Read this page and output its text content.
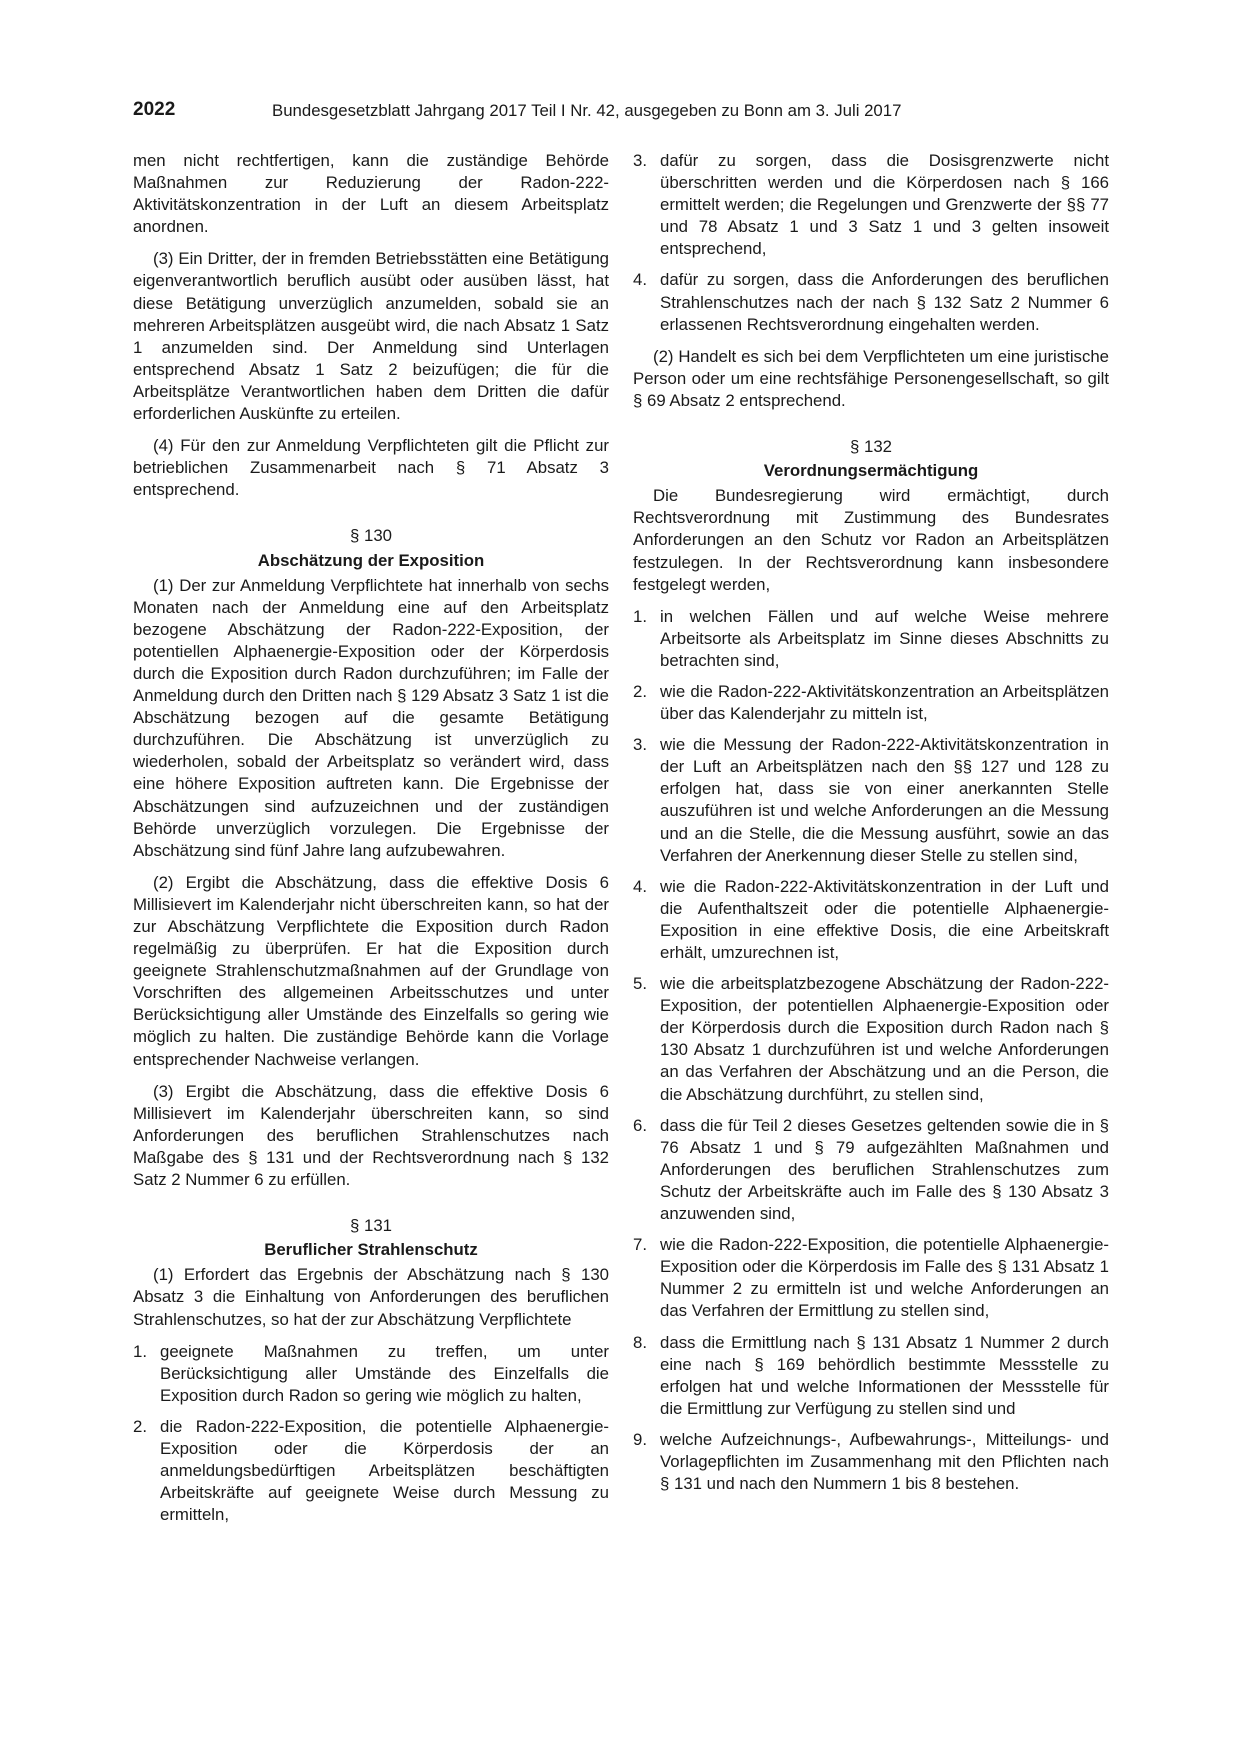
2022	Bundesgesetzblatt Jahrgang 2017 Teil I Nr. 42, ausgegeben zu Bonn am 3. Juli 2017

men nicht rechtfertigen, kann die zuständige Behörde Maßnahmen zur Reduzierung der Radon-222-Aktivitätskonzentration in der Luft an diesem Arbeitsplatz anordnen.

(3) Ein Dritter, der in fremden Betriebsstätten eine Betätigung eigenverantwortlich beruflich ausübt oder ausüben lässt, hat diese Betätigung unverzüglich anzumelden, sobald sie an mehreren Arbeitsplätzen ausgeübt wird, die nach Absatz 1 Satz 1 anzumelden sind. Der Anmeldung sind Unterlagen entsprechend Absatz 1 Satz 2 beizufügen; die für die Arbeitsplätze Verantwortlichen haben dem Dritten die dafür erforderlichen Auskünfte zu erteilen.

(4) Für den zur Anmeldung Verpflichteten gilt die Pflicht zur betrieblichen Zusammenarbeit nach § 71 Absatz 3 entsprechend.

§ 130
Abschätzung der Exposition

(1) Der zur Anmeldung Verpflichtete hat innerhalb von sechs Monaten nach der Anmeldung eine auf den Arbeitsplatz bezogene Abschätzung der Radon-222-Exposition, der potentiellen Alphaenergie-Exposition oder der Körperdosis durch die Exposition durch Radon durchzuführen; im Falle der Anmeldung durch den Dritten nach § 129 Absatz 3 Satz 1 ist die Abschätzung bezogen auf die gesamte Betätigung durchzuführen. Die Abschätzung ist unverzüglich zu wiederholen, sobald der Arbeitsplatz so verändert wird, dass eine höhere Exposition auftreten kann. Die Ergebnisse der Abschätzungen sind aufzuzeichnen und der zuständigen Behörde unverzüglich vorzulegen. Die Ergebnisse der Abschätzung sind fünf Jahre lang aufzubewahren.

(2) Ergibt die Abschätzung, dass die effektive Dosis 6 Millisievert im Kalenderjahr nicht überschreiten kann, so hat der zur Abschätzung Verpflichtete die Exposition durch Radon regelmäßig zu überprüfen. Er hat die Exposition durch geeignete Strahlenschutzmaßnahmen auf der Grundlage von Vorschriften des allgemeinen Arbeitsschutzes und unter Berücksichtigung aller Umstände des Einzelfalls so gering wie möglich zu halten. Die zuständige Behörde kann die Vorlage entsprechender Nachweise verlangen.

(3) Ergibt die Abschätzung, dass die effektive Dosis 6 Millisievert im Kalenderjahr überschreiten kann, so sind Anforderungen des beruflichen Strahlenschutzes nach Maßgabe des § 131 und der Rechtsverordnung nach § 132 Satz 2 Nummer 6 zu erfüllen.

§ 131
Beruflicher Strahlenschutz

(1) Erfordert das Ergebnis der Abschätzung nach § 130 Absatz 3 die Einhaltung von Anforderungen des beruflichen Strahlenschutzes, so hat der zur Abschätzung Verpflichtete

1. geeignete Maßnahmen zu treffen, um unter Berücksichtigung aller Umstände des Einzelfalls die Exposition durch Radon so gering wie möglich zu halten,
2. die Radon-222-Exposition, die potentielle Alphaenergie-Exposition oder die Körperdosis der an anmeldungsbedürftigen Arbeitsplätzen beschäftigten Arbeitskräfte auf geeignete Weise durch Messung zu ermitteln,
3. dafür zu sorgen, dass die Dosisgrenzwerte nicht überschritten werden und die Körperdosen nach § 166 ermittelt werden; die Regelungen und Grenzwerte der §§ 77 und 78 Absatz 1 und 3 Satz 1 und 3 gelten insoweit entsprechend,
4. dafür zu sorgen, dass die Anforderungen des beruflichen Strahlenschutzes nach der nach § 132 Satz 2 Nummer 6 erlassenen Rechtsverordnung eingehalten werden.

(2) Handelt es sich bei dem Verpflichteten um eine juristische Person oder um eine rechtsfähige Personengesellschaft, so gilt § 69 Absatz 2 entsprechend.

§ 132
Verordnungsermächtigung

Die Bundesregierung wird ermächtigt, durch Rechtsverordnung mit Zustimmung des Bundesrates Anforderungen an den Schutz vor Radon an Arbeitsplätzen festzulegen. In der Rechtsverordnung kann insbesondere festgelegt werden,

1. in welchen Fällen und auf welche Weise mehrere Arbeitsorte als Arbeitsplatz im Sinne dieses Abschnitts zu betrachten sind,
2. wie die Radon-222-Aktivitätskonzentration an Arbeitsplätzen über das Kalenderjahr zu mitteln ist,
3. wie die Messung der Radon-222-Aktivitätskonzentration in der Luft an Arbeitsplätzen nach den §§ 127 und 128 zu erfolgen hat, dass sie von einer anerkannten Stelle auszuführen ist und welche Anforderungen an die Messung und an die Stelle, die die Messung ausführt, sowie an das Verfahren der Anerkennung dieser Stelle zu stellen sind,
4. wie die Radon-222-Aktivitätskonzentration in der Luft und die Aufenthaltszeit oder die potentielle Alphaenergie-Exposition in eine effektive Dosis, die eine Arbeitskraft erhält, umzurechnen ist,
5. wie die arbeitsplatzbezogene Abschätzung der Radon-222-Exposition, der potentiellen Alphaenergie-Exposition oder der Körperdosis durch die Exposition durch Radon nach § 130 Absatz 1 durchzuführen ist und welche Anforderungen an das Verfahren der Abschätzung und an die Person, die die Abschätzung durchführt, zu stellen sind,
6. dass die für Teil 2 dieses Gesetzes geltenden sowie die in § 76 Absatz 1 und § 79 aufgezählten Maßnahmen und Anforderungen des beruflichen Strahlenschutzes zum Schutz der Arbeitskräfte auch im Falle des § 130 Absatz 3 anzuwenden sind,
7. wie die Radon-222-Exposition, die potentielle Alphaenergie-Exposition oder die Körperdosis im Falle des § 131 Absatz 1 Nummer 2 zu ermitteln ist und welche Anforderungen an das Verfahren der Ermittlung zu stellen sind,
8. dass die Ermittlung nach § 131 Absatz 1 Nummer 2 durch eine nach § 169 behördlich bestimmte Messstelle zu erfolgen hat und welche Informationen der Messstelle für die Ermittlung zur Verfügung zu stellen sind und
9. welche Aufzeichnungs-, Aufbewahrungs-, Mitteilungs- und Vorlagepflichten im Zusammenhang mit den Pflichten nach § 131 und nach den Nummern 1 bis 8 bestehen.
